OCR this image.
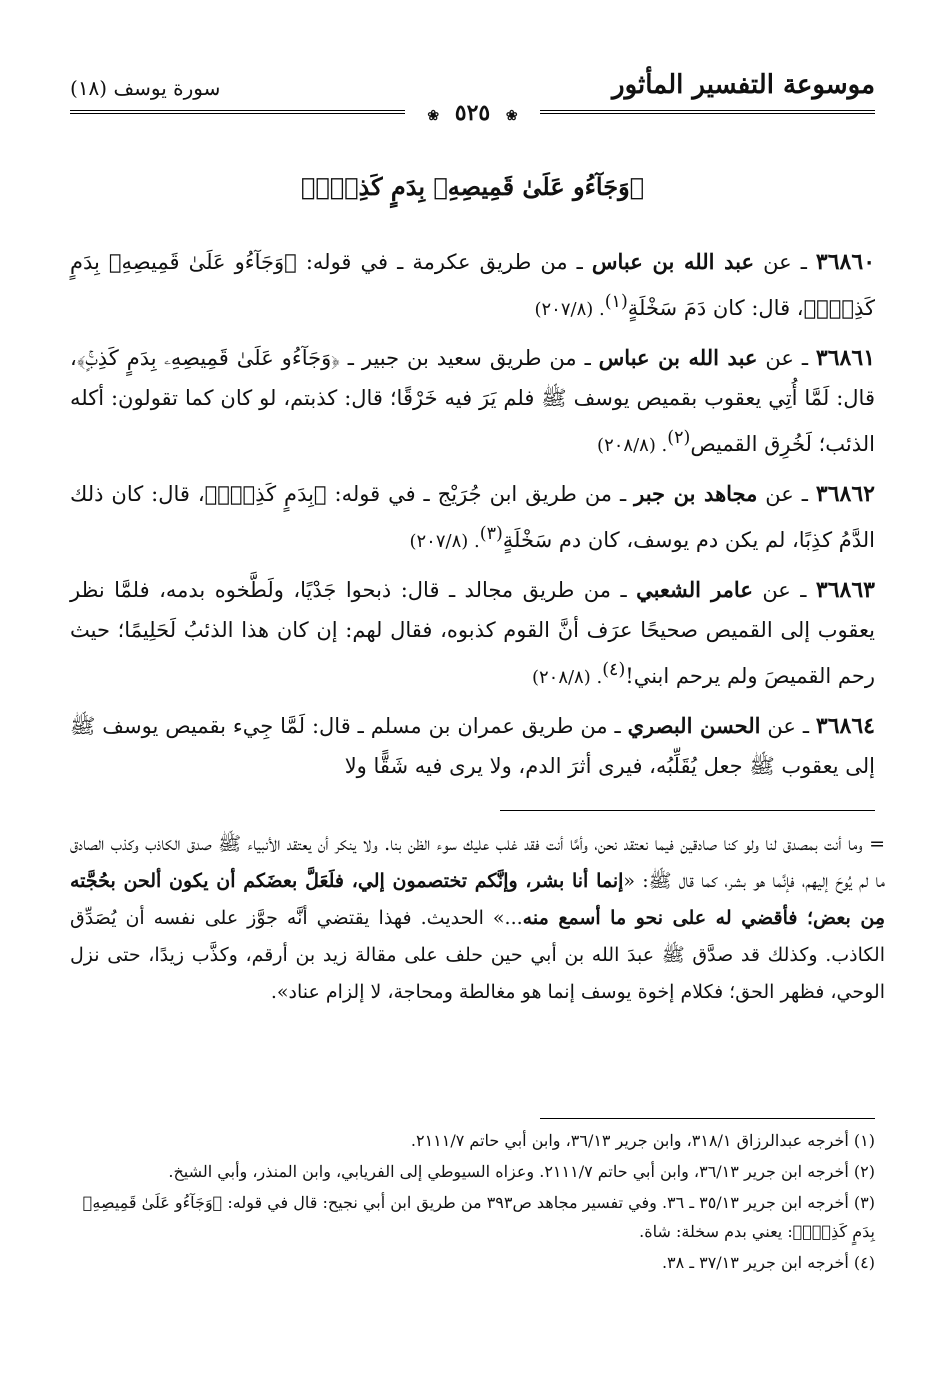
موسوعة التفسير المأثور
سورة يوسف (١٨)
❀ ٥٢٥ ❀
﴿وَجَآءُو عَلَىٰ قَمِيصِهِۦ بِدَمٍ كَذِبٍۚ﴾

٣٦٨٦٠ ـ عن عبد الله بن عباس ـ من طريق عكرمة ـ في قوله: ﴿وَجَآءُو عَلَىٰ قَمِيصِهِۦ بِدَمٍ كَذِبٍۚ﴾، قال: كان دَمَ سَخْلَةٍ$^{(١)}$. (٢٠٧/٨)

٣٦٨٦١ ـ عن عبد الله بن عباس ـ من طريق سعيد بن جبير ـ ﴿وَجَآءُو عَلَىٰ قَمِيصِهِۦ بِدَمٍ كَذِبٍۚ﴾، قال: لَمَّا أُتِي يعقوب بقميص يوسف ﷺ فلم يَرَ فيه خَرْقًا؛ قال: كذبتم، لو كان كما تقولون: أكله الذئب؛ لَخُرِق القميص$^{(٢)}$. (٢٠٨/٨)

٣٦٨٦٢ ـ عن مجاهد بن جبر ـ من طريق ابن جُرَيْج ـ في قوله: ﴿بِدَمٍ كَذِبٍۚ﴾، قال: كان ذلك الدَّمُ كذِبًا، لم يكن دم يوسف، كان دم سَخْلَةٍ$^{(٣)}$. (٢٠٧/٨)

٣٦٨٦٣ ـ عن عامر الشعبي ـ من طريق مجالد ـ قال: ذبحوا جَدْيًا، ولَطَّخوه بدمه، فلمَّا نظر يعقوب إلى القميص صحيحًا عرَف أنَّ القوم كذبوه، فقال لهم: إن كان هذا الذئبُ لَحَلِيمًا؛ حيث رحم القميصَ ولم يرحم ابني!$^{(٤)}$. (٢٠٨/٨)

٣٦٨٦٤ ـ عن الحسن البصري ـ من طريق عمران بن مسلم ـ قال: لَمَّا جِيء بقميص يوسف ﷺ إلى يعقوب ﷺ جعل يُقَلِّبُه، فيرى أثرَ الدم، ولا يرى فيه شَقًّا ولا

= وما أنت بمصدق لنا ولو كنا صادقين فيما نعتقد نحن، وأمَّا أنت فقد غلب عليك سوء الظن بنا. ولا ينكر أن يعتقد الأنبياء ﷺ صدق الكاذب وكذب الصادق ما لم يُوحَ إليهم، فإنَّما هو بشر، كما قال ﷺ: «إنما أنا بشر، وإنَّكم تختصمون إلي، فلَعَلَّ بعضَكم أن يكون ألحن بحُجَّته مِن بعض؛ فأقضي له على نحو ما أسمع منه...» الحديث. فهذا يقتضي أنَّه جوَّز على نفسه أن يُصَدِّق الكاذب. وكذلك قد صدَّق ﷺ عبدَ الله بن أبي حين حلف على مقالة زيد بن أرقم، وكذَّب زيدًا، حتى نزل الوحي، فظهر الحق؛ فكلام إخوة يوسف إنما هو مغالطة ومحاجة، لا إلزام عناد».
(١) أخرجه عبدالرزاق ٣١٨/١، وابن جرير ٣٦/١٣، وابن أبي حاتم ٢١١١/٧.
(٢) أخرجه ابن جرير ٣٦/١٣، وابن أبي حاتم ٢١١١/٧. وعزاه السيوطي إلى الفريابي، وابن المنذر، وأبي الشيخ.
(٣) أخرجه ابن جرير ٣٥/١٣ ـ ٣٦. وفي تفسير مجاهد ص٣٩٣ من طريق ابن أبي نجيح: قال في قوله: ﴿وَجَآءُو عَلَىٰ قَمِيصِهِۦ بِدَمٍ كَذِبٍۚ﴾: يعني بدم سخلة: شاة.
(٤) أخرجه ابن جرير ٣٧/١٣ ـ ٣٨.
